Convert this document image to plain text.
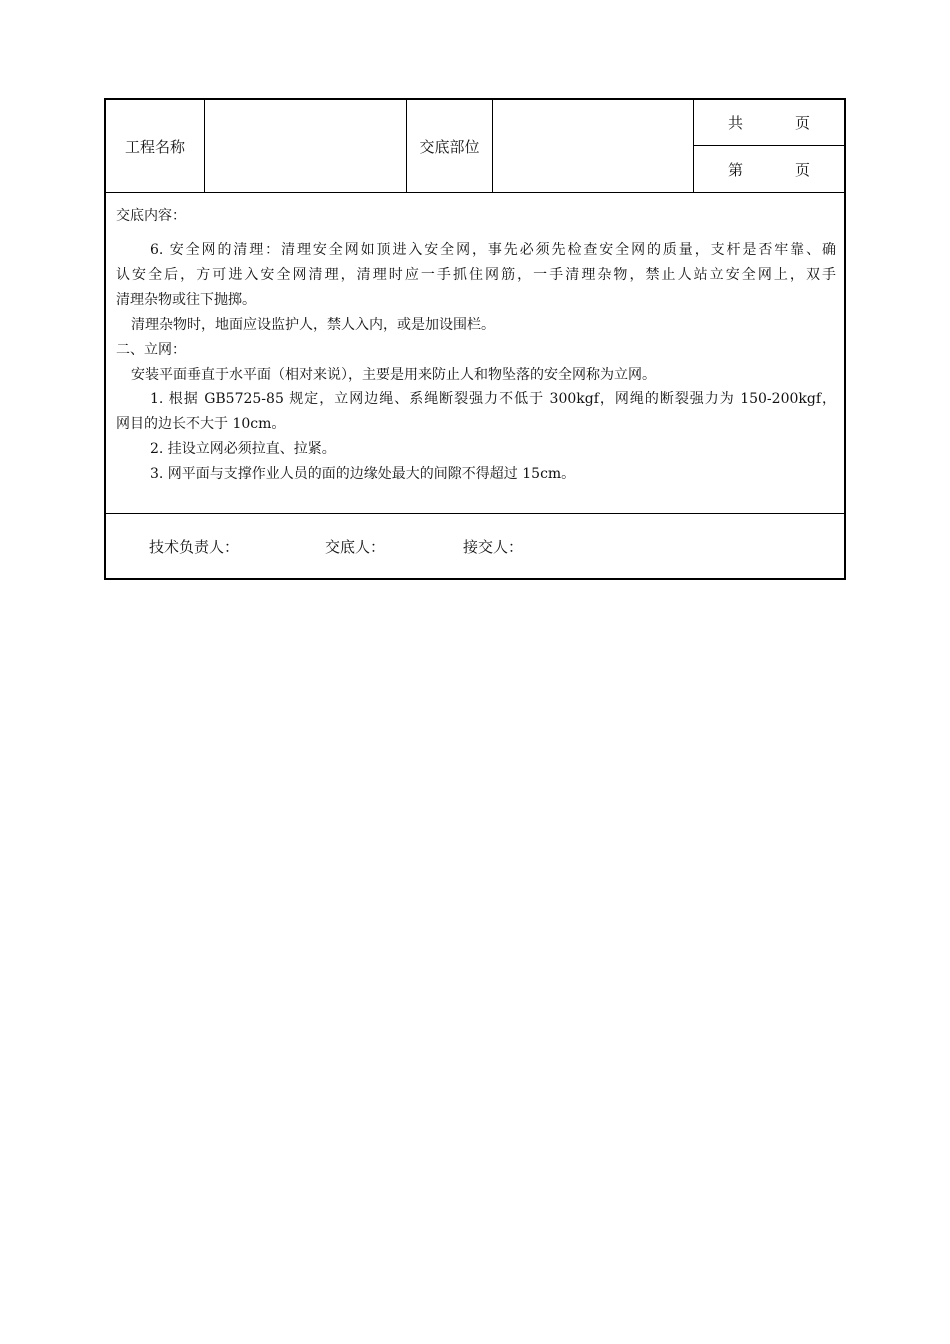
工程名称	交底部位
共	页
第	页
交底内容：
6. 安全网的清理：清理安全网如顶进入安全网，事先必须先检查安全网的质量，支杆是否牢靠、确
认安全后，方可进入安全网清理，清理时应一手抓住网筋，一手清理杂物，禁止人站立安全网上，双手
清理杂物或往下抛掷。
清理杂物时，地面应设监护人，禁人入内，或是加设围栏。
二、立网：
安装平面垂直于水平面（相对来说），主要是用来防止人和物坠落的安全网称为立网。
1. 根据 GB5725-85 规定，立网边绳、系绳断裂强力不低于 300kgf，网绳的断裂强力为 150-200kgf，
网目的边长不大于 10cm。
2. 挂设立网必须拉直、拉紧。
3. 网平面与支撑作业人员的面的边缘处最大的间隙不得超过 15cm。
技术负责人：	交底人：	接交人：
